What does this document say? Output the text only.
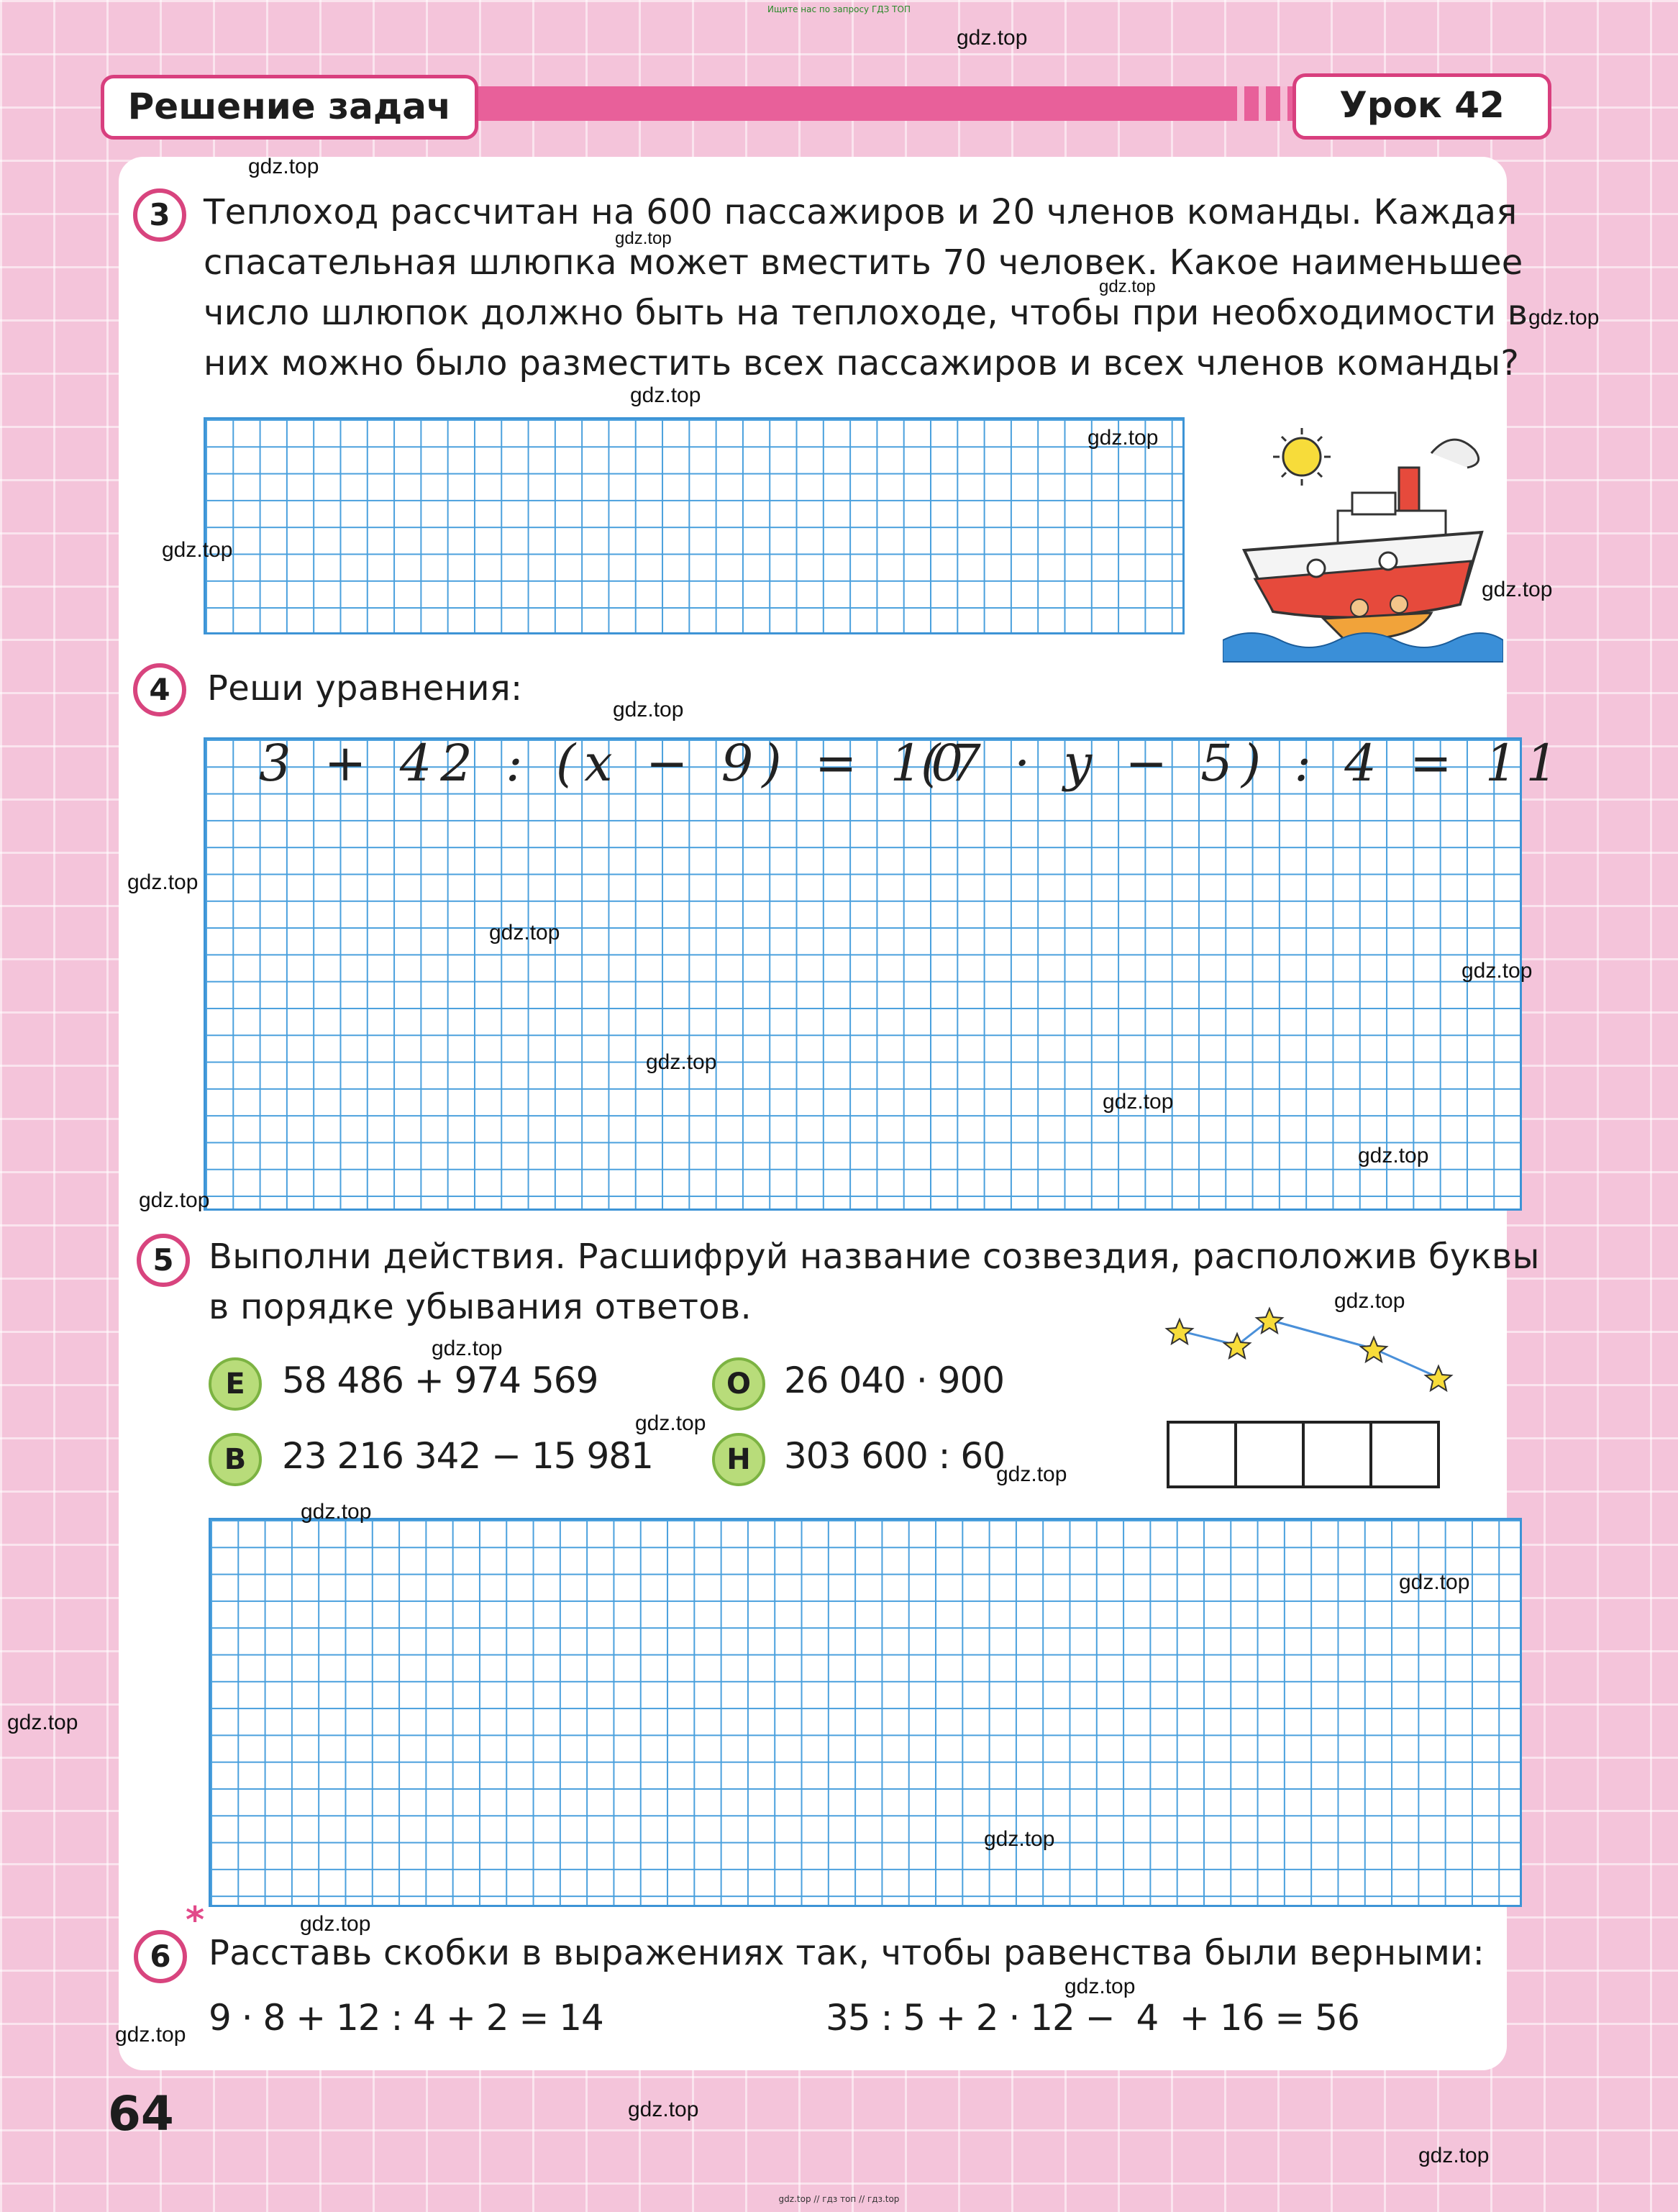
Ищите нас по запросу ГДЗ ТОП
Решение задач	Урок 42
3 Теплоход рассчитан на 600 пассажиров и 20 членов команды. Каждая
спасательная шлюпка может вместить 70 человек. Какое наименьшее
число шлюпок должно быть на теплоходе, чтобы при необходимости в
них можно было разместить всех пассажиров и всех членов команды?
4	Реши уравнения:
3 + 42 : (x − 9) = 10
(7 · y − 5) : 4 = 11
5	Выполни действия. Расшифруй название созвездия, расположив буквы
в порядке убывания ответов.
Е	58 486 + 974 569	О 26 040 · 900
В 23 216 342 − 15 981	Н 303 600 : 60
*
6	Расставь скобки в выражениях так, чтобы равенства были верными:
9 · 8 + 12 : 4 + 2 = 14	35 : 5 + 2 · 12 −  4  + 16 = 56
64
gdz.top
gdz.top
gdz.top
gdz.top
gdz.top
gdz.top
gdz.top
gdz.top
gdz.top
gdz.top
gdz.top
gdz.top
gdz.top
gdz.top
gdz.top
gdz.top
gdz.top
gdz.top
gdz.top
gdz.top
gdz.top
gdz.top
gdz.top
gdz.top
gdz.top
gdz.top
gdz.top
gdz.top
gdz.top
gdz.top
gdz.top // гдз топ // гдз.top
